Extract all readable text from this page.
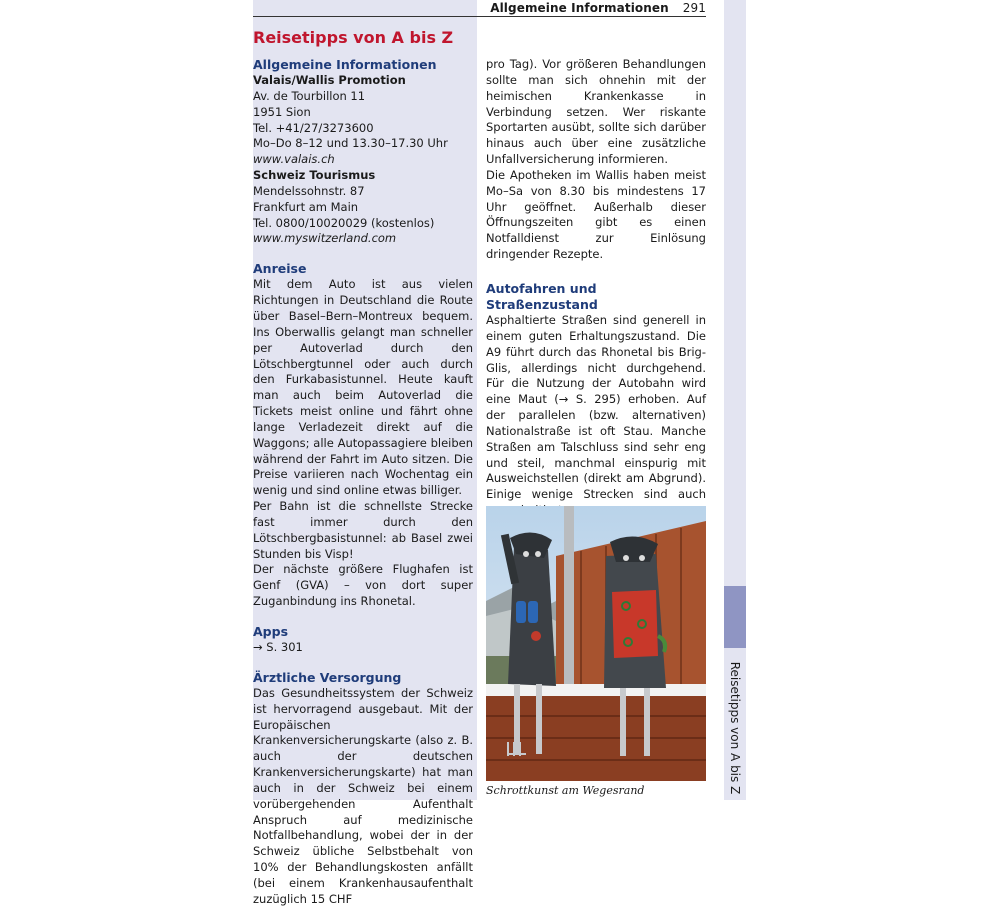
Allgemeine Informationen 291
Reisetipps von A bis Z
Allgemeine Informationen
Valais/Wallis Promotion
Av. de Tourbillon 11
1951 Sion
Tel. +41/27/3273600
Mo–Do 8–12 und 13.30–17.30 Uhr
www.valais.ch
Schweiz Tourismus
Mendelssohnstr. 87
Frankfurt am Main
Tel. 0800/10020029 (kostenlos)
www.myswitzerland.com
Anreise

Mit dem Auto ist aus vielen Richtungen in Deutschland die Route über Basel–Bern–Montreux bequem. Ins Oberwallis gelangt man schneller per Autoverlad durch den Lötschbergtunnel oder auch durch den Furkabasistunnel. Heute kauft man auch beim Autoverlad die Tickets meist online und fährt ohne lange Verladezeit direkt auf die Waggons; alle Autopassagiere bleiben während der Fahrt im Auto sitzen. Die Preise variieren nach Wochentag ein wenig und sind online etwas billiger.

Per Bahn ist die schnellste Strecke fast immer durch den Lötschbergbasistunnel: ab Basel zwei Stunden bis Visp!

Der nächste größere Flughafen ist Genf (GVA) – von dort super Zuganbindung ins Rhonetal.

Apps
→ S. 301
Ärztliche Versorgung

Das Gesundheitssystem der Schweiz ist hervorragend ausgebaut. Mit der Europäischen Krankenversicherungskarte (also z. B. auch der deutschen Krankenversicherungskarte) hat man auch in der Schweiz bei einem vorübergehenden Aufenthalt Anspruch auf medizinische Notfallbehandlung, wobei der in der Schweiz übliche Selbstbehalt von 10% der Behandlungskosten anfällt (bei einem Krankenhausaufenthalt zuzüglich 15 CHF

pro Tag). Vor größeren Behandlungen sollte man sich ohnehin mit der heimischen Krankenkasse in Verbindung setzen. Wer riskante Sportarten ausübt, sollte sich darüber hinaus auch über eine zusätzliche Unfallversicherung informieren.

Die Apotheken im Wallis haben meist Mo–Sa von 8.30 bis mindestens 17 Uhr geöffnet. Außerhalb dieser Öffnungszeiten gibt es einen Notfalldienst zur Einlösung dringender Rezepte.

Autofahren und Straßenzustand

Asphaltierte Straßen sind generell in einem guten Erhaltungszustand. Die A9 führt durch das Rhonetal bis Brig-Glis, allerdings nicht durchgehend. Für die Nutzung der Autobahn wird eine Maut (→ S. 295) erhoben. Auf der parallelen (bzw. alternativen) Nationalstraße ist oft Stau. Manche Straßen am Talschluss sind sehr eng und steil, manchmal einspurig mit Ausweichstellen (direkt am Abgrund). Einige wenige Strecken sind auch

Schrottkunst am Wegesrand	Reisetipps von A bis Z
